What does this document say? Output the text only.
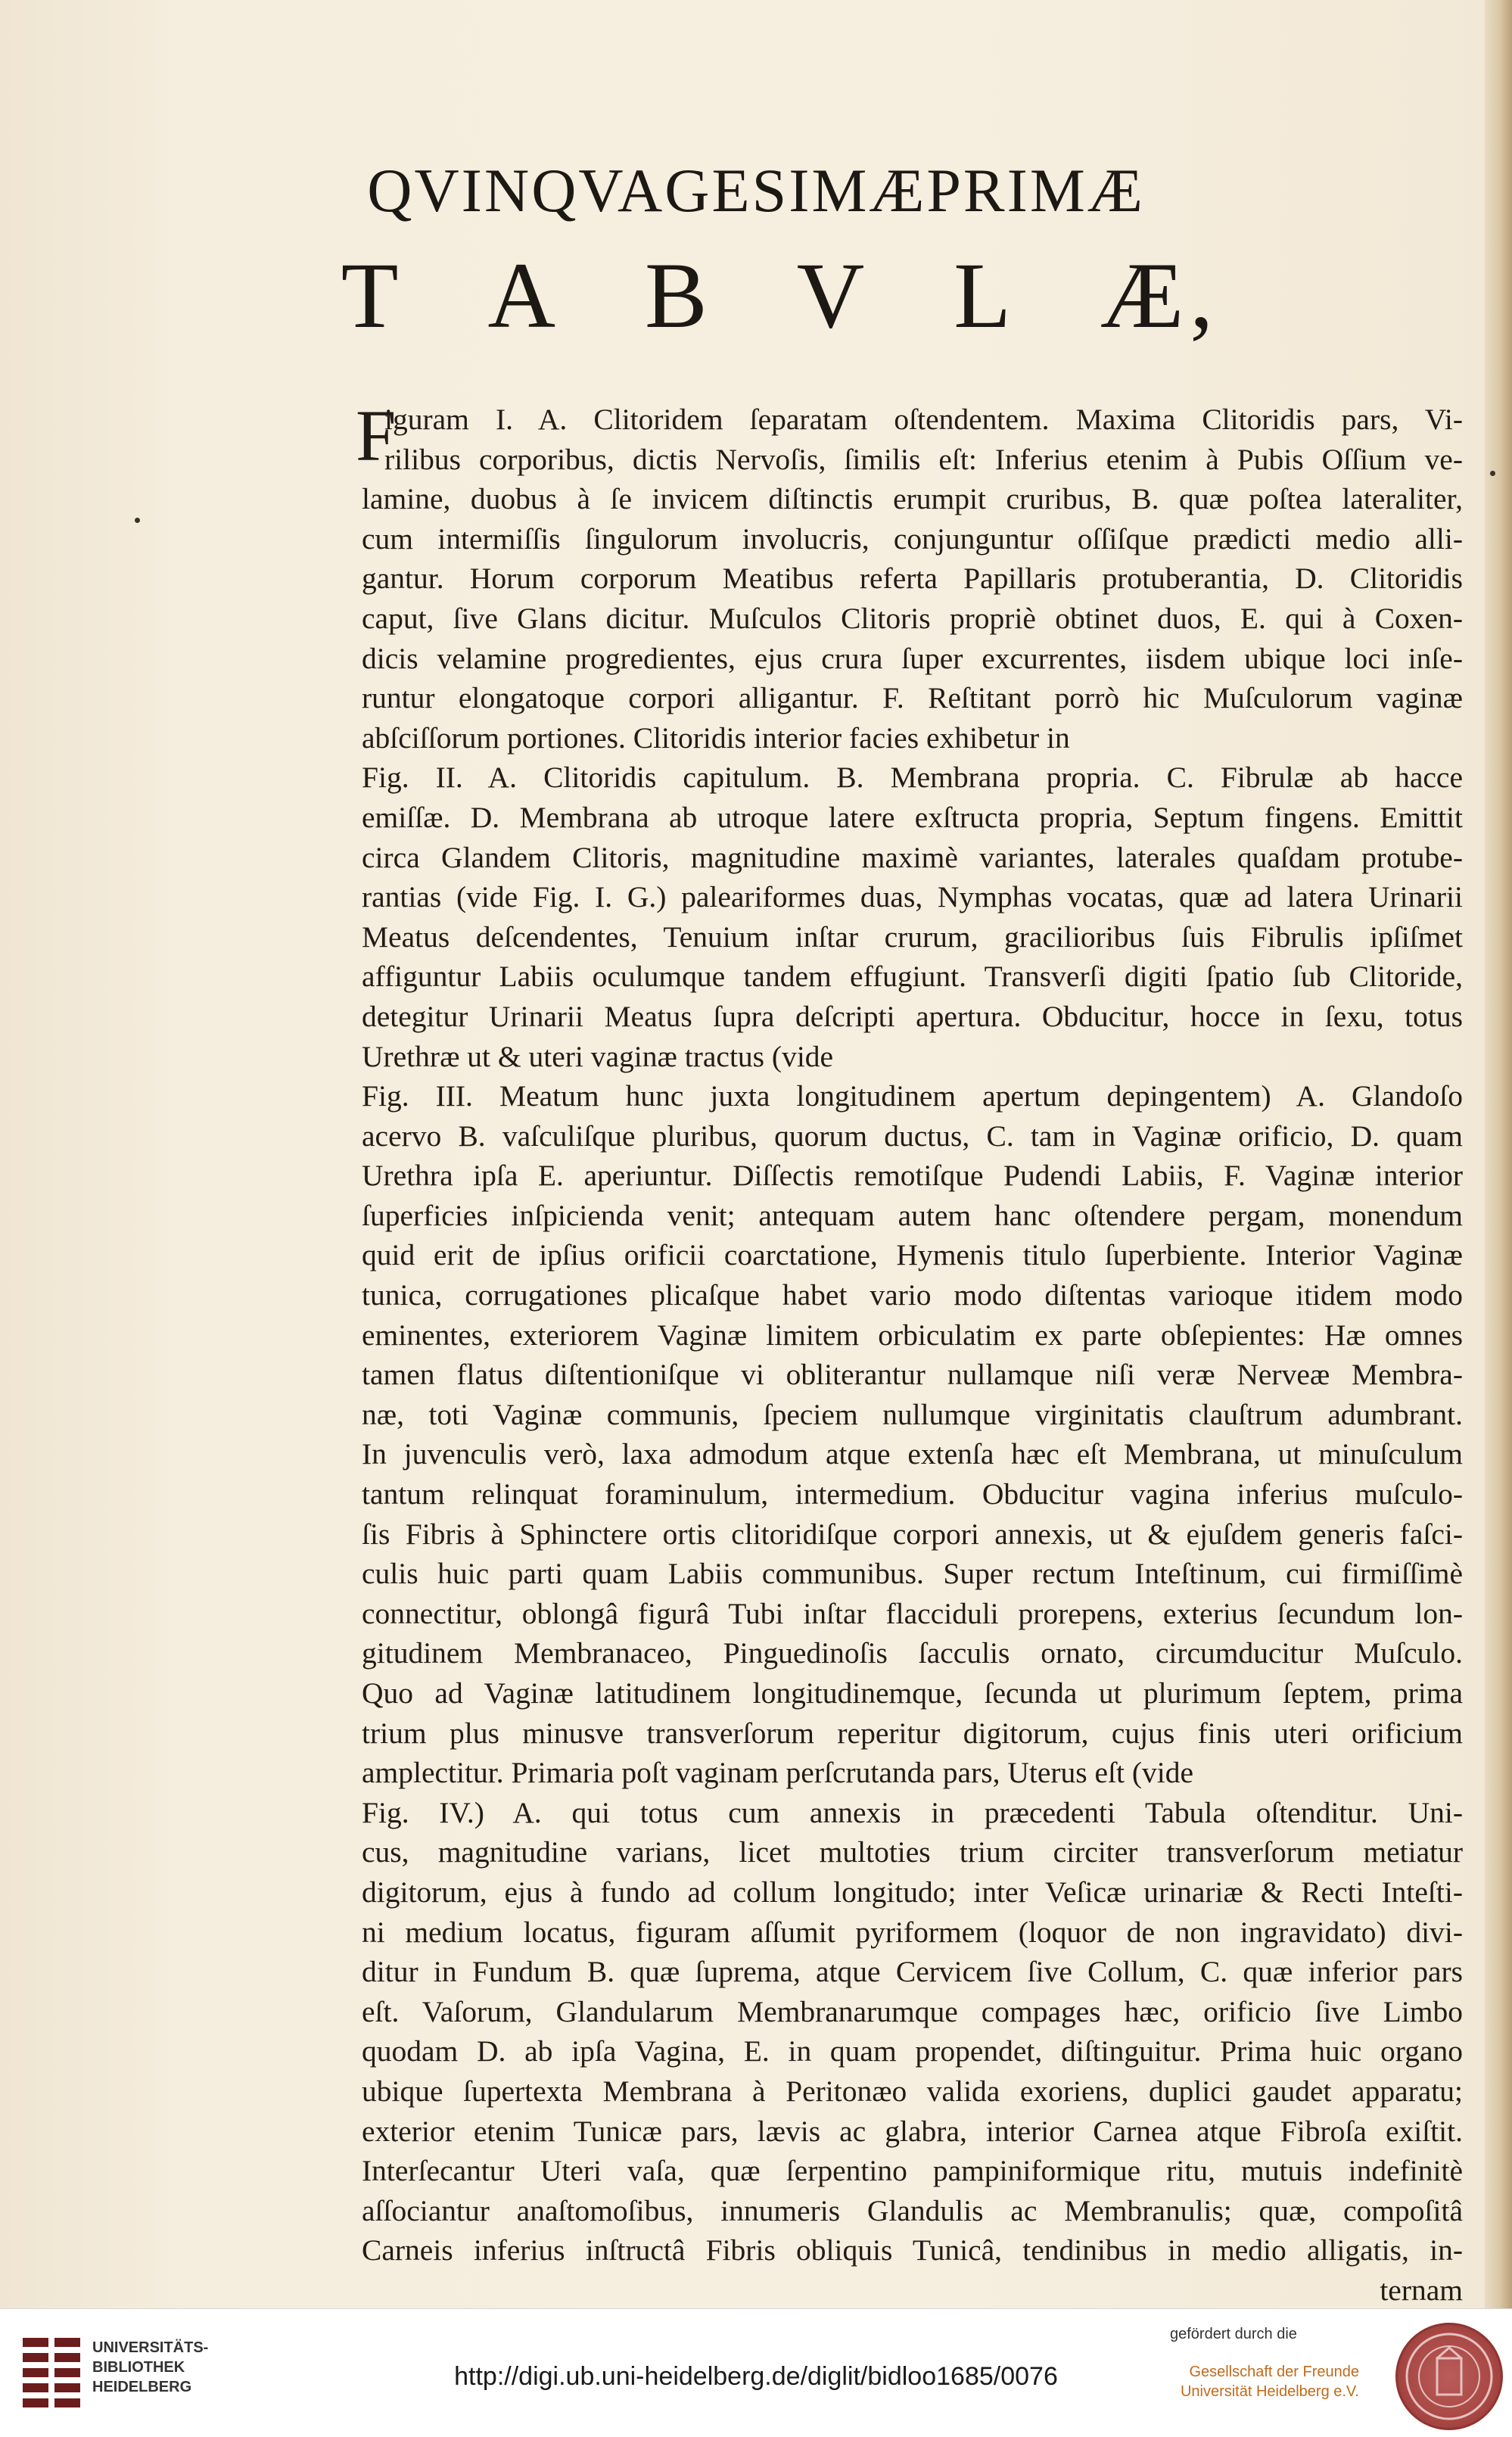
QVINQVAGESIMÆPRIMÆ
T A B V L Æ,
F
iguram I. A. Clitoridem ſeparatam oſtendentem. Maxima Clitoridis pars, Vi-
rilibus corporibus, dictis Nervoſis, ſimilis eſt: Inferius etenim à Pubis Oſſium ve-
lamine, duobus à ſe invicem diſtinctis erumpit cruribus, B. quæ poſtea lateraliter,
cum intermiſſis ſingulorum involucris, conjunguntur oſſiſque prædicti medio alli-
gantur. Horum corporum Meatibus referta Papillaris protuberantia, D. Clitoridis
caput, ſive Glans dicitur. Muſculos Clitoris propriè obtinet duos, E. qui à Coxen-
dicis velamine progredientes, ejus crura ſuper excurrentes, iisdem ubique loci inſe-
runtur elongatoque corpori alligantur. F. Reſtitant porrò hic Muſculorum vaginæ
abſciſſorum portiones. Clitoridis interior facies exhibetur in
Fig. II. A. Clitoridis capitulum. B. Membrana propria. C. Fibrulæ ab hacce
emiſſæ. D. Membrana ab utroque latere exſtructa propria, Septum fingens. Emittit
circa Glandem Clitoris, magnitudine maximè variantes, laterales quaſdam protube-
rantias (vide Fig. I. G.) paleariformes duas, Nymphas vocatas, quæ ad latera Urinarii
Meatus deſcendentes, Tenuium inſtar crurum, gracilioribus ſuis Fibrulis ipſiſmet
affiguntur Labiis oculumque tandem effugiunt. Transverſi digiti ſpatio ſub Clitoride,
detegitur Urinarii Meatus ſupra deſcripti apertura. Obducitur, hocce in ſexu, totus
Urethræ ut & uteri vaginæ tractus (vide
Fig. III. Meatum hunc juxta longitudinem apertum depingentem) A. Glandoſo
acervo B. vaſculiſque pluribus, quorum ductus, C. tam in Vaginæ orificio, D. quam
Urethra ipſa E. aperiuntur. Diſſectis remotiſque Pudendi Labiis, F. Vaginæ interior
ſuperficies inſpicienda venit; antequam autem hanc oſtendere pergam, monendum
quid erit de ipſius orificii coarctatione, Hymenis titulo ſuperbiente. Interior Vaginæ
tunica, corrugationes plicaſque habet vario modo diſtentas varioque itidem modo
eminentes, exteriorem Vaginæ limitem orbiculatim ex parte obſepientes: Hæ omnes
tamen flatus diſtentioniſque vi obliterantur nullamque niſi veræ Nerveæ Membra-
næ, toti Vaginæ communis, ſpeciem nullumque virginitatis clauſtrum adumbrant.
In juvenculis verò, laxa admodum atque extenſa hæc eſt Membrana, ut minuſculum
tantum relinquat foraminulum, intermedium. Obducitur vagina inferius muſculo-
ſis Fibris à Sphinctere ortis clitoridiſque corpori annexis, ut & ejuſdem generis faſci-
culis huic parti quam Labiis communibus. Super rectum Inteſtinum, cui firmiſſimè
connectitur, oblongâ figurâ Tubi inſtar flacciduli prorepens, exterius ſecundum lon-
gitudinem Membranaceo, Pinguedinoſis ſacculis ornato, circumducitur Muſculo.
Quo ad Vaginæ latitudinem longitudinemque, ſecunda ut plurimum ſeptem, prima
trium plus minusve transverſorum reperitur digitorum, cujus finis uteri orificium
amplectitur. Primaria poſt vaginam perſcrutanda pars, Uterus eſt (vide
Fig. IV.) A. qui totus cum annexis in præcedenti Tabula oſtenditur. Uni-
cus, magnitudine varians, licet multoties trium circiter transverſorum metiatur
digitorum, ejus à fundo ad collum longitudo; inter Veſicæ urinariæ & Recti Inteſti-
ni medium locatus, figuram aſſumit pyriformem (loquor de non ingravidato) divi-
ditur in Fundum B. quæ ſuprema, atque Cervicem ſive Collum, C. quæ inferior pars
eſt. Vaſorum, Glandularum Membranarumque compages hæc, orificio ſive Limbo
quodam D. ab ipſa Vagina, E. in quam propendet, diſtinguitur. Prima huic organo
ubique ſupertexta Membrana à Peritonæo valida exoriens, duplici gaudet apparatu;
exterior etenim Tunicæ pars, lævis ac glabra, interior Carnea atque Fibroſa exiſtit.
Interſecantur Uteri vaſa, quæ ſerpentino pampiniformique ritu, mutuis indefinitè
aſſociantur anaſtomoſibus, innumeris Glandulis ac Membranulis; quæ, compoſitâ
Carneis inferius inſtructâ Fibris obliquis Tunicâ, tendinibus in medio alligatis, in-
ternam
UNIVERSITÄTS-
BIBLIOTHEK
HEIDELBERG	http://digi.ub.uni-heidelberg.de/diglit/bidloo1685/0076
gefördert durch die
Gesellschaft der Freunde
Universität Heidelberg e.V.
